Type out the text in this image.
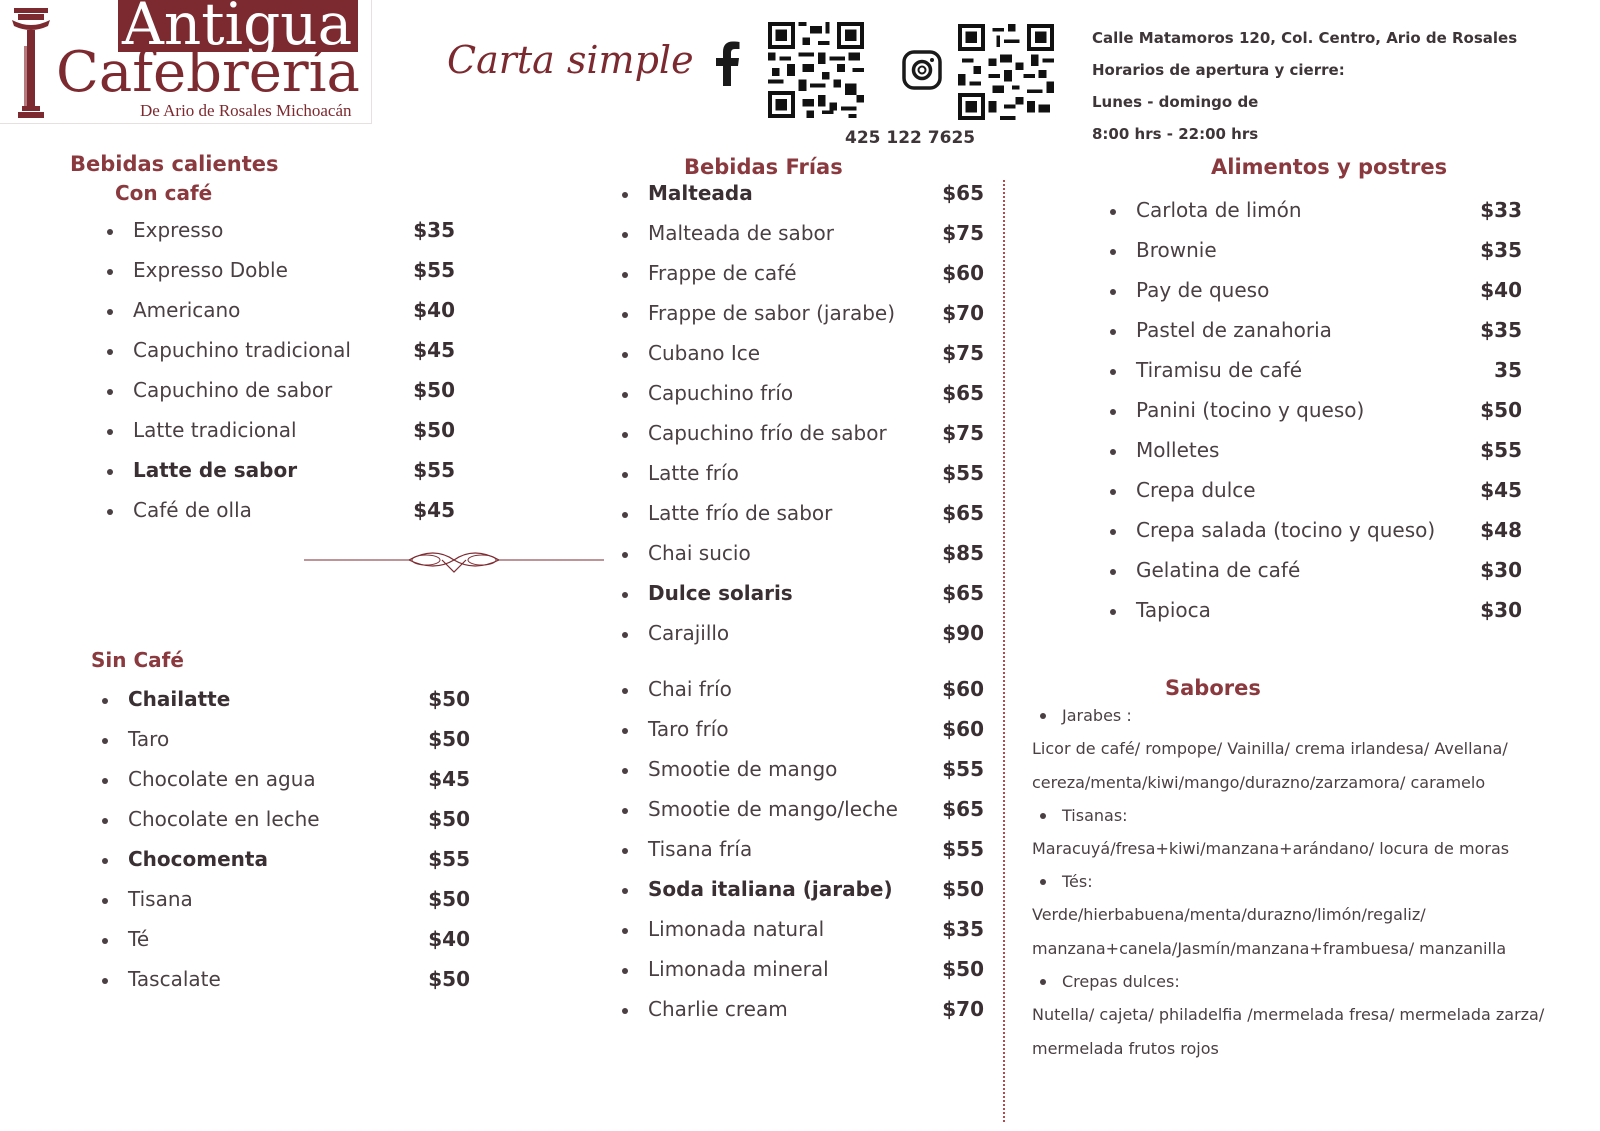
Antigua
Cafebrería
De Ario de Rosales Michoacán
Carta simple
425 122 7625
Calle Matamoros 120, Col. Centro, Ario de Rosales
Horarios de apertura y cierre:
Lunes - domingo de
8:00 hrs - 22:00 hrs
Bebidas calientes
Con café
Expresso	$35
Expresso Doble	$55
Americano	$40
Capuchino tradicional	$45
Capuchino de sabor	$50
Latte tradicional	$50
Latte de sabor	$55
Café de olla	$45
Sin Café
Chailatte	$50
Taro	$50
Chocolate en agua	$45
Chocolate en leche	$50
Chocomenta	$55
Tisana	$50
Té	$40
Tascalate	$50
Bebidas Frías
Malteada	$65
Malteada de sabor	$75
Frappe de café	$60
Frappe de sabor (jarabe) $70
Cubano Ice	$75
Capuchino frío	$65
Capuchino frío de sabor	$75
Latte frío	$55
Latte frío de sabor	$65
Chai sucio	$85
Dulce solaris	$65
Carajillo	$90
Chai frío	$60
Taro frío	$60
Smootie de mango	$55
Smootie de mango/leche $65
Tisana fría	$55
Soda italiana (jarabe) $50
Limonada natural	$35
Limonada mineral	$50
Charlie cream	$70
Alimentos y postres
Carlota de limón	$33
Brownie	$35
Pay de queso	$40
Pastel de zanahoria	$35
Tiramisu de café	35
Panini (tocino y queso)	$50
Molletes	$55
Crepa dulce	$45
Crepa salada (tocino y queso) $48
Gelatina de café	$30
Tapioca	$30
Sabores
Jarabes :
Licor de café/ rompope/ Vainilla/ crema irlandesa/ Avellana/
cereza/menta/kiwi/mango/durazno/zarzamora/ caramelo
Tisanas:
Maracuyá/fresa+kiwi/manzana+arándano/ locura de moras
Tés:
Verde/hierbabuena/menta/durazno/limón/regaliz/
manzana+canela/Jasmín/manzana+frambuesa/ manzanilla
Crepas dulces:
Nutella/ cajeta/ philadelfia /mermelada fresa/ mermelada zarza/
mermelada frutos rojos
